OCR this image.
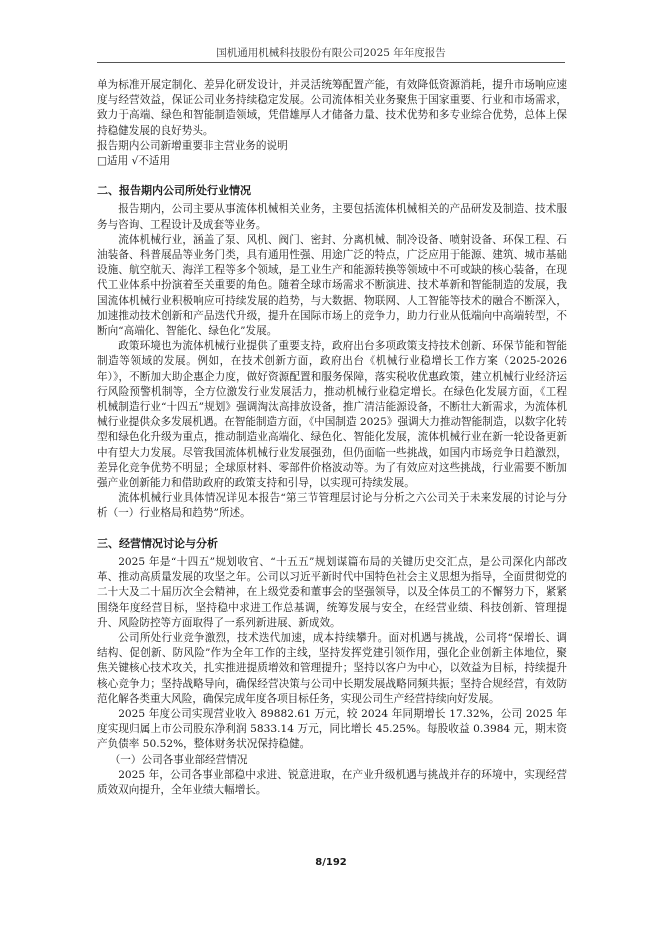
国机通用机械科技股份有限公司2025 年年度报告

单为标准开展定制化、差异化研发设计，并灵活统筹配置产能，有效降低资源消耗，提升市场响应速度与经营效益，保证公司业务持续稳定发展。公司流体相关业务聚焦于国家重要、行业和市场需求，致力于高端、绿色和智能制造领域，凭借雄厚人才储备力量、技术优势和多专业综合优势，总体上保持稳健发展的良好势头。

报告期内公司新增重要非主营业务的说明

□适用 √不适用

二、报告期内公司所处行业情况

报告期内，公司主要从事流体机械相关业务，主要包括流体机械相关的产品研发及制造、技术服务与咨询、工程设计及成套等业务。

流体机械行业，涵盖了泵、风机、阀门、密封、分离机械、制冷设备、喷射设备、环保工程、石油装备、科普展品等业务门类，具有通用性强、用途广泛的特点，广泛应用于能源、建筑、城市基础设施、航空航天、海洋工程等多个领域，是工业生产和能源转换等领域中不可或缺的核心装备，在现代工业体系中扮演着至关重要的角色。随着全球市场需求不断演进、技术革新和智能制造的发展，我国流体机械行业积极响应可持续发展的趋势，与大数据、物联网、人工智能等技术的融合不断深入，加速推动技术创新和产品迭代升级，提升在国际市场上的竞争力，助力行业从低端向中高端转型，不断向“高端化、智能化、绿色化”发展。

政策环境也为流体机械行业提供了重要支持，政府出台多项政策支持技术创新、环保节能和智能制造等领域的发展。例如，在技术创新方面，政府出台《机械行业稳增长工作方案（2025-2026年）》，不断加大助企惠企力度，做好资源配置和服务保障，落实税收优惠政策，建立机械行业经济运行风险预警机制等，全方位激发行业发展活力，推动机械行业稳定增长。在绿色化发展方面，《工程机械制造行业“十四五”规划》强调淘汰高排放设备，推广清洁能源设备，不断壮大新需求，为流体机械行业提供众多发展机遇。在智能制造方面，《中国制造 2025》强调大力推动智能制造，以数字化转型和绿色化升级为重点，推动制造业高端化、绿色化、智能化发展，流体机械行业在新一轮设备更新中有望大力发展。尽管我国流体机械行业发展强劲，但仍面临一些挑战，如国内市场竞争日趋激烈，差异化竞争优势不明显；全球原材料、零部件价格波动等。为了有效应对这些挑战，行业需要不断加强产业创新能力和借助政府的政策支持和引导，以实现可持续发展。

流体机械行业具体情况详见本报告“第三节管理层讨论与分析之六公司关于未来发展的讨论与分析（一）行业格局和趋势”所述。

三、经营情况讨论与分析

2025 年是“十四五”规划收官、“十五五”规划谋篇布局的关键历史交汇点，是公司深化内部改革、推动高质量发展的攻坚之年。公司以习近平新时代中国特色社会主义思想为指导，全面贯彻党的二十大及二十届历次全会精神，在上级党委和董事会的坚强领导，以及全体员工的不懈努力下，紧紧围绕年度经营目标，坚持稳中求进工作总基调，统筹发展与安全，在经营业绩、科技创新、管理提升、风险防控等方面取得了一系列新进展、新成效。

公司所处行业竞争激烈，技术迭代加速，成本持续攀升。面对机遇与挑战，公司将“保增长、调结构、促创新、防风险”作为全年工作的主线，坚持发挥党建引领作用，强化企业创新主体地位，聚焦关键核心技术攻关，扎实推进提质增效和管理提升；坚持以客户为中心，以效益为目标，持续提升核心竞争力；坚持战略导向，确保经营决策与公司中长期发展战略同频共振；坚持合规经营，有效防范化解各类重大风险，确保完成年度各项目标任务，实现公司生产经营持续向好发展。

2025 年度公司实现营业收入 89882.61 万元，较 2024 年同期增长 17.32%，公司 2025 年度实现归属上市公司股东净利润 5833.14 万元，同比增长 45.25%。每股收益 0.3984 元，期末资产负债率 50.52%，整体财务状况保持稳健。

（一）公司各事业部经营情况

2025 年，公司各事业部稳中求进、锐意进取，在产业升级机遇与挑战并存的环境中，实现经营质效双向提升，全年业绩大幅增长。

8/192
